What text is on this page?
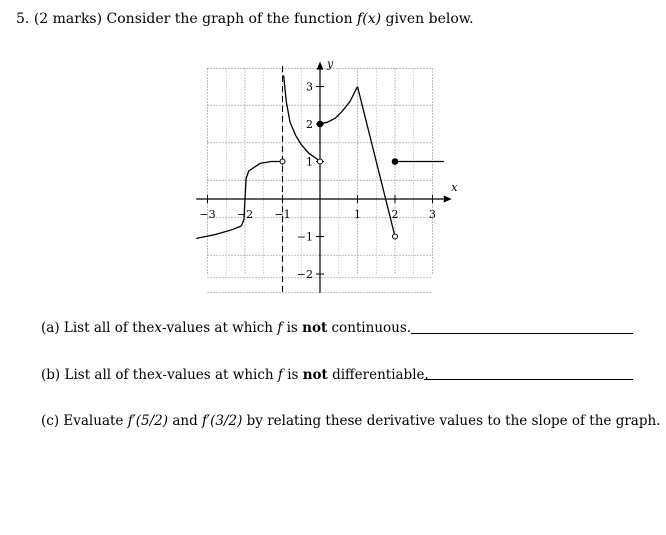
5. (2 marks) Consider the graph of the function f(x) given below.
x
y
−3 −2 −1	1	2	3
−2
−1
1
2
3
(a) List all of thex-values at which f is not continuous.
(b) List all of thex-values at which f is not differentiable.
(c) Evaluate f′(5/2) and f′(3/2) by relating these derivative values to the slope of the graph.
